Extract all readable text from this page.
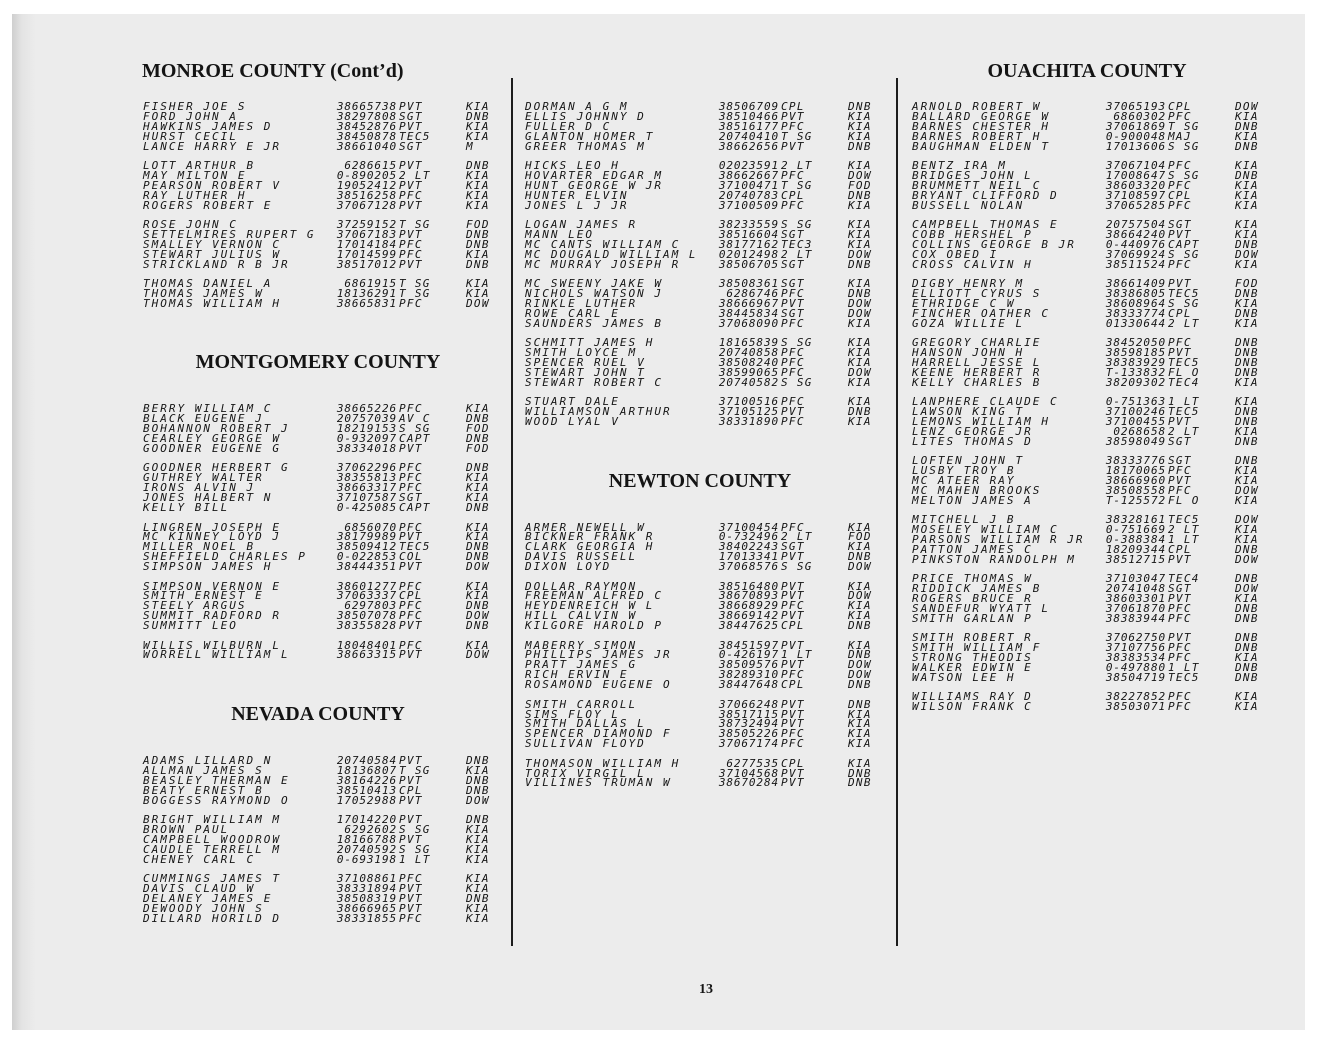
MONROE COUNTY (Cont’d)
FISHER JOE S	38665738 PVT	KIA
FORD JOHN A	38297808 SGT	DNB
HAWKINS JAMES D	38452876 PVT	KIA
HURST CECIL	38450878 TEC5	KIA
LANCE HARRY E JR	38661040 SGT	M
LOTT ARTHUR B	6286615 PVT	DNB
MAY MILTON E	0-890205 2 LT	KIA
PEARSON ROBERT V	19052412 PVT	KIA
RAY LUTHER H	38516258 PFC	KIA
ROGERS ROBERT E	37067128 PVT	KIA
ROSE JOHN C	37259152 T SG	FOD
SETTELMIRES RUPERT G 37067183 PVT	DNB
SMALLEY VERNON C	17014184 PFC	DNB
STEWART JULIUS W	17014599 PFC	KIA
STRICKLAND R B JR	38517012 PVT	DNB
THOMAS DANIEL A	6861915 T SG	KIA
THOMAS JAMES W	18136291 T SG	KIA
THOMAS WILLIAM H	38665831 PFC	DOW
MONTGOMERY COUNTY
BERRY WILLIAM C	38665226 PFC	KIA
BLACK EUGENE J	20757039 AV C	DNB
BOHANNON ROBERT J	18219153 S SG	FOD
CEARLEY GEORGE W	0-932097 CAPT	DNB
GOODNER EUGENE G	38334018 PVT	FOD
GOODNER HERBERT G	37062296 PFC	DNB
GUTHREY WALTER	38355813 PFC	KIA
IRONS ALVIN J	38663317 PFC	KIA
JONES HALBERT N	37107587 SGT	KIA
KELLY BILL	0-425085 CAPT	DNB
LINGREN JOSEPH E	6856070 PFC	KIA
MC KINNEY LOYD J	38179989 PVT	KIA
MILLER NOEL B	38509412 TEC5	DNB
SHEFFIELD CHARLES P	0-022853 COL	DNB
SIMPSON JAMES H	38444351 PVT	DOW
SIMPSON VERNON E	38601277 PFC	KIA
SMITH ERNEST E	37063337 CPL	KIA
STEELY ARGUS	6297803 PFC	DNB
SUMMIT RADFORD R	38507078 PFC	DOW
SUMMITT LEO	38355828 PVT	DNB
WILLIS WILBURN L	18048401 PFC	KIA
WORRELL WILLIAM L	38663315 PVT	DOW
NEVADA COUNTY
ADAMS LILLARD N	20740584 PVT	DNB
ALLMAN JAMES S	18136807 T SG	KIA
BEASLEY THERMAN E	38164226 PVT	DNB
BEATY ERNEST B	38510413 CPL	DNB
BOGGESS RAYMOND O	17052988 PVT	DOW
BRIGHT WILLIAM M	17014220 PVT	DNB
BROWN PAUL	6292602 S SG	KIA
CAMPBELL WOODROW	18166788 PVT	KIA
CAUDLE TERRELL M	20740592 S SG	KIA
CHENEY CARL C	0-693198 1 LT	KIA
CUMMINGS JAMES T	37108861 PFC	KIA
DAVIS CLAUD W	38331894 PVT	KIA
DELANEY JAMES E	38508319 PVT	DNB
DEWOODY JOHN S	38666965 PVT	KIA
DILLARD HORILD D	38331855 PFC	KIA
DORMAN A G M	38506709 CPL	DNB
ELLIS JOHNNY D	38510466 PVT	KIA
FULLER D C	38516177 PFC	KIA
GLANTON HOMER T	20740410 T SG	KIA
GREER THOMAS M	38662656 PVT	DNB
HICKS LEO H	02023591 2 LT	KIA
HOVARTER EDGAR M	38662667 PFC	DOW
HUNT GEORGE W JR	37100471 T SG	FOD
HUNTER ELVIN	20740783 CPL	DNB
JONES L J JR	37100509 PFC	KIA
LOGAN JAMES R	38233559 S SG	KIA
MANN LEO	38516604 SGT	KIA
MC CANTS WILLIAM C	38177162 TEC3	KIA
MC DOUGALD WILLIAM L 02012498 2 LT	DOW
MC MURRAY JOSEPH R	38506705 SGT	DNB
MC SWEENY JAKE W	38508361 SGT	KIA
NICHOLS WATSON J	6286746 PFC	DNB
RINKLE LUTHER	38666967 PVT	DOW
ROWE CARL E	38445834 SGT	DOW
SAUNDERS JAMES B	37068090 PFC	KIA
SCHMITT JAMES H	18165839 S SG	KIA
SMITH LOYCE M	20740858 PFC	KIA
SPENCER RUEL V	38508240 PFC	KIA
STEWART JOHN T	38599065 PFC	DOW
STEWART ROBERT C	20740582 S SG	KIA
STUART DALE	37100516 PFC	KIA
WILLIAMSON ARTHUR	37105125 PVT	DNB
WOOD LYAL V	38331890 PFC	KIA
NEWTON COUNTY
ARMER NEWELL W	37100454 PFC	KIA
BICKNER FRANK R	0-732496 2 LT	FOD
CLARK GEORGIA H	38402243 SGT	KIA
DAVIS RUSSELL	17013341 PVT	DNB
DIXON LOYD	37068576 S SG	DOW
DOLLAR RAYMON	38516480 PVT	KIA
FREEMAN ALFRED C	38670893 PVT	DOW
HEYDENREICH W L	38668929 PFC	KIA
HILL CALVIN W	38669142 PVT	KIA
KILGORE HAROLD P	38447625 CPL	DNB
MABERRY SIMON	38451597 PVT	KIA
PHILLIPS JAMES JR	0-426197 1 LT	DNB
PRATT JAMES G	38509576 PVT	DOW
RICH ERVIN E	38289310 PFC	DOW
ROSAMOND EUGENE O	38447648 CPL	DNB
SMITH CARROLL	37066248 PVT	DNB
SIMS FLOY L	38517115 PVT	KIA
SMITH DALLAS L	38732494 PVT	KIA
SPENCER DIAMOND F	38505226 PFC	KIA
SULLIVAN FLOYD	37067174 PFC	KIA
THOMASON WILLIAM H	6277535 CPL	KIA
TORIX VIRGIL L	37104568 PVT	DNB
VILLINES TRUMAN W	38670284 PVT	DNB
OUACHITA COUNTY
ARNOLD ROBERT W	37065193 CPL	DOW
BALLARD GEORGE W	6860302 PFC	KIA
BARNES CHESTER H	37061869 T SG	DNB
BARNES ROBERT H	0-900048 MAJ	KIA
BAUGHMAN ELDEN T	17013606 S SG	DNB
BENTZ IRA M	37067104 PFC	KIA
BRIDGES JOHN L	17008647 S SG	DNB
BRUMMETT NEIL C	38603320 PFC	KIA
BRYANT CLIFFORD D	37108597 CPL	KIA
BUSSELL NOLAN	37065285 PFC	KIA
CAMPBELL THOMAS E	20757504 SGT	KIA
COBB HERSHEL P	38664240 PVT	KIA
COLLINS GEORGE B JR	0-440976 CAPT	DNB
COX OBED I	37069924 S SG	DOW
CROSS CALVIN H	38511524 PFC	KIA
DIGBY HENRY M	38661409 PVT	FOD
ELLIOTT CYRUS S	38386805 TEC5	DNB
ETHRIDGE C W	38608964 S SG	KIA
FINCHER OATHER C	38333774 CPL	DNB
GOZA WILLIE L	01330644 2 LT	KIA
GREGORY CHARLIE	38452050 PFC	DNB
HANSON JOHN H	38598185 PVT	DNB
HARRELL JESSE L	38383929 TEC5	DNB
KEENE HERBERT R	T-133832 FL O	DNB
KELLY CHARLES B	38209302 TEC4	KIA
LANPHERE CLAUDE C	0-751363 1 LT	KIA
LAWSON KING T	37100246 TEC5	DNB
LEMONS WILLIAM H	37100455 PVT	DNB
LENZ GEORGE JR	0268658 2 LT	KIA
LITES THOMAS D	38598049 SGT	DNB
LOFTEN JOHN T	38333776 SGT	DNB
LUSBY TROY B	18170065 PFC	KIA
MC ATEER RAY	38666960 PVT	KIA
MC MAHEN BROOKS	38508558 PFC	DOW
MELTON JAMES A	T-125572 FL O	KIA
MITCHELL J B	38328161 TEC5	DOW
MOSELEY WILLIAM C	0-751669 2 LT	KIA
PARSONS WILLIAM R JR 0-388384 1 LT	KIA
PATTON JAMES C	18209344 CPL	DNB
PINKSTON RANDOLPH M	38512715 PVT	DOW
PRICE THOMAS W	37103047 TEC4	DNB
RIDDICK JAMES B	20741048 SGT	DOW
ROGERS BRUCE R	38603301 PVT	KIA
SANDEFUR WYATT L	37061870 PFC	DNB
SMITH GARLAN P	38383944 PFC	DNB
SMITH ROBERT R	37062750 PVT	DNB
SMITH WILLIAM F	37107756 PFC	DNB
STRONG THEODIS	38383534 PFC	KIA
WALKER EDWIN E	0-497880 1 LT	DNB
WATSON LEE H	38504719 TEC5	DNB
WILLIAMS RAY D	38227852 PFC	KIA
WILSON FRANK C	38503071 PFC	KIA
13
